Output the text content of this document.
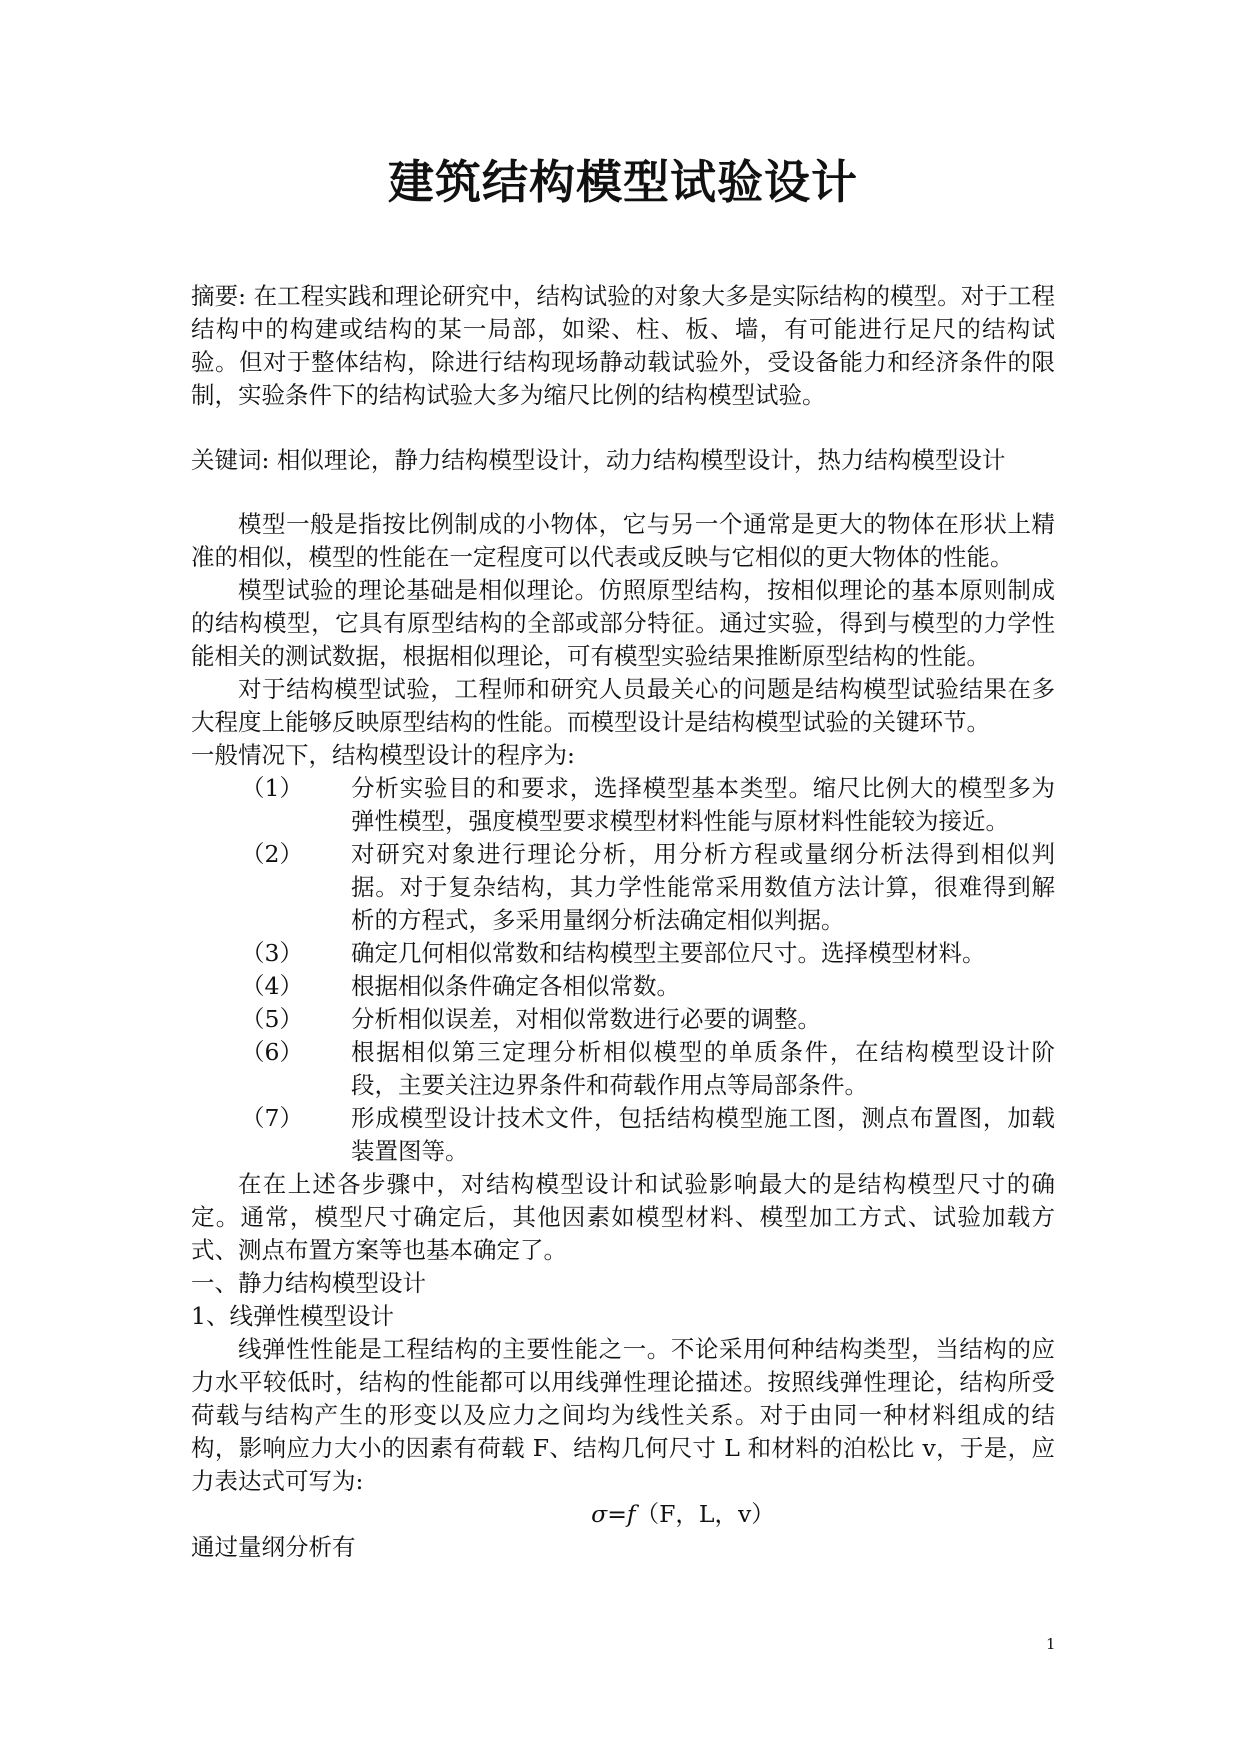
建筑结构模型试验设计
摘要: 在工程实践和理论研究中，结构试验的对象大多是实际结构的模型。对于工程结构中的构建或结构的某一局部，如梁、柱、板、墙，有可能进行足尺的结构试验。但对于整体结构，除进行结构现场静动载试验外，受设备能力和经济条件的限制，实验条件下的结构试验大多为缩尺比例的结构模型试验。
关键词: 相似理论，静力结构模型设计，动力结构模型设计，热力结构模型设计

模型一般是指按比例制成的小物体，它与另一个通常是更大的物体在形状上精准的相似，模型的性能在一定程度可以代表或反映与它相似的更大物体的性能。

模型试验的理论基础是相似理论。仿照原型结构，按相似理论的基本原则制成的结构模型，它具有原型结构的全部或部分特征。通过实验，得到与模型的力学性能相关的测试数据，根据相似理论，可有模型实验结果推断原型结构的性能。

对于结构模型试验，工程师和研究人员最关心的问题是结构模型试验结果在多大程度上能够反映原型结构的性能。而模型设计是结构模型试验的关键环节。

一般情况下，结构模型设计的程序为:

（1）	分析实验目的和要求，选择模型基本类型。缩尺比例大的模型多为弹性模型，强度模型要求模型材料性能与原材料性能较为接近。
（2）	对研究对象进行理论分析，用分析方程或量纲分析法得到相似判据。对于复杂结构，其力学性能常采用数值方法计算，很难得到解析的方程式，多采用量纲分析法确定相似判据。
（3）	确定几何相似常数和结构模型主要部位尺寸。选择模型材料。
（4）	根据相似条件确定各相似常数。
（5）	分析相似误差，对相似常数进行必要的调整。
（6）	根据相似第三定理分析相似模型的单质条件，在结构模型设计阶段，主要关注边界条件和荷载作用点等局部条件。
（7）	形成模型设计技术文件，包括结构模型施工图，测点布置图，加载装置图等。

在在上述各步骤中，对结构模型设计和试验影响最大的是结构模型尺寸的确定。通常，模型尺寸确定后，其他因素如模型材料、模型加工方式、试验加载方式、测点布置方案等也基本确定了。

一、静力结构模型设计

1、线弹性模型设计

线弹性性能是工程结构的主要性能之一。不论采用何种结构类型，当结构的应力水平较低时，结构的性能都可以用线弹性理论描述。按照线弹性理论，结构所受荷载与结构产生的形变以及应力之间均为线性关系。对于由同一种材料组成的结构，影响应力大小的因素有荷载 F、结构几何尺寸 L 和材料的泊松比 v，于是，应力表达式可写为:

σ=f（F，L，v）

通过量纲分析有

1
